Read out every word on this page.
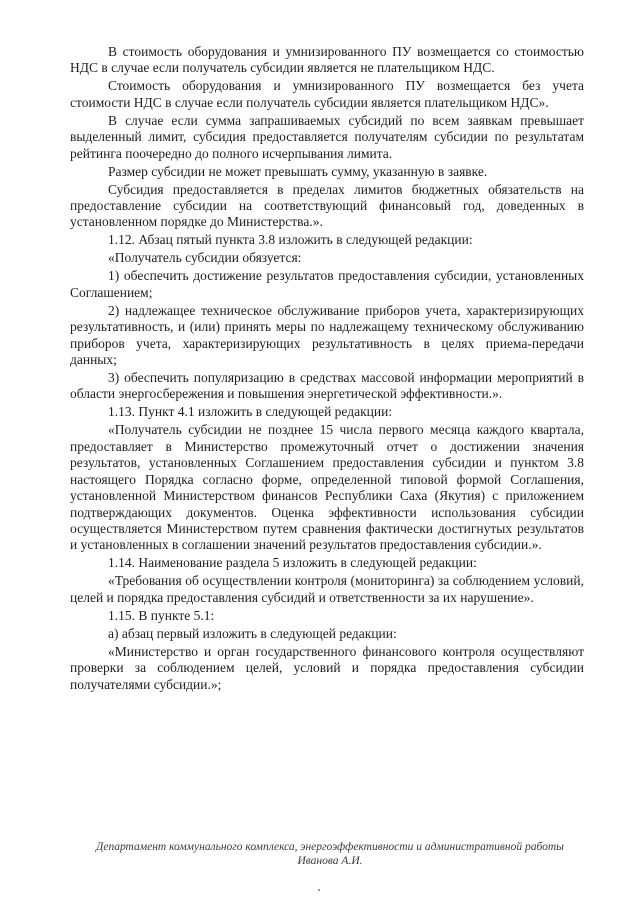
В стоимость оборудования и умнизированного ПУ возмещается со стоимостью НДС в случае если получатель субсидии является не плательщиком НДС.

Стоимость оборудования и умнизированного ПУ возмещается без учета стоимости НДС в случае если получатель субсидии является плательщиком НДС».

В случае если сумма запрашиваемых субсидий по всем заявкам превышает выделенный лимит, субсидия предоставляется получателям субсидии по результатам рейтинга поочередно до полного исчерпывания лимита.

Размер субсидии не может превышать сумму, указанную в заявке.

Субсидия предоставляется в пределах лимитов бюджетных обязательств на предоставление субсидии на соответствующий финансовый год, доведенных в установленном порядке до Министерства.».

1.12. Абзац пятый пункта 3.8 изложить в следующей редакции:

«Получатель субсидии обязуется:

1) обеспечить достижение результатов предоставления субсидии, установленных Соглашением;

2) надлежащее техническое обслуживание приборов учета, характеризирующих результативность, и (или) принять меры по надлежащему техническому обслуживанию приборов учета, характеризирующих результативность в целях приема-передачи данных;

3) обеспечить популяризацию в средствах массовой информации мероприятий в области энергосбережения и повышения энергетической эффективности.».

1.13. Пункт 4.1 изложить в следующей редакции:

«Получатель субсидии не позднее 15 числа первого месяца каждого квартала, предоставляет в Министерство промежуточный отчет о достижении значения результатов, установленных Соглашением предоставления субсидии и пунктом 3.8 настоящего Порядка согласно форме, определенной типовой формой Соглашения, установленной Министерством финансов Республики Саха (Якутия) с приложением подтверждающих документов. Оценка эффективности использования субсидии осуществляется Министерством путем сравнения фактически достигнутых результатов и установленных в соглашении значений результатов предоставления субсидии.».

1.14. Наименование раздела 5 изложить в следующей редакции:

«Требования об осуществлении контроля (мониторинга) за соблюдением условий, целей и порядка предоставления субсидий и ответственности за их нарушение».

1.15. В пункте 5.1:

а) абзац первый изложить в следующей редакции:

«Министерство и орган государственного финансового контроля осуществляют проверки за соблюдением целей, условий и порядка предоставления субсидии получателями субсидии.»;

Департамент коммунального комплекса, энергоэффективности и административной работы
Иванова А.И.
